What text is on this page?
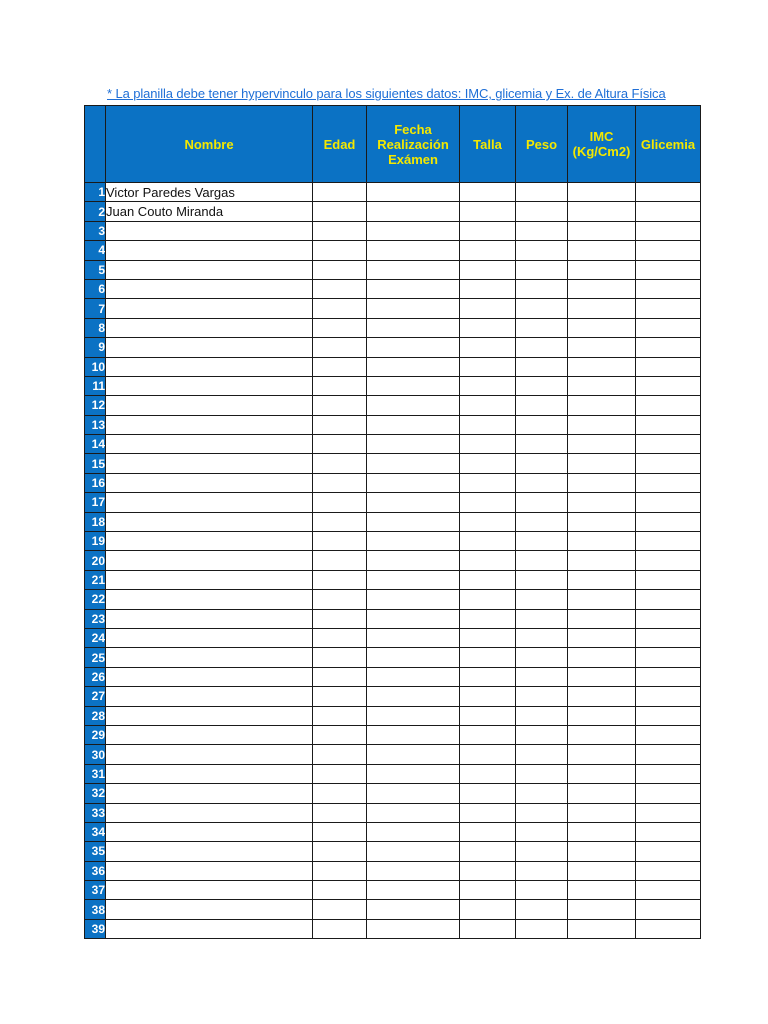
* La planilla debe tener hypervinculo para los siguientes datos: IMC, glicemia y Ex. de Altura Física
	Nombre	Edad	Fecha Realización Exámen	Talla	Peso	IMC (Kg/Cm2)	Glicemia
1	Victor Paredes Vargas						
2	Juan Couto Miranda						
3							
4							
5							
6							
7							
8							
9							
10							
11							
12							
13							
14							
15							
16							
17							
18							
19							
20							
21							
22							
23							
24							
25							
26							
27							
28							
29							
30							
31							
32							
33							
34							
35							
36							
37							
38							
39							
